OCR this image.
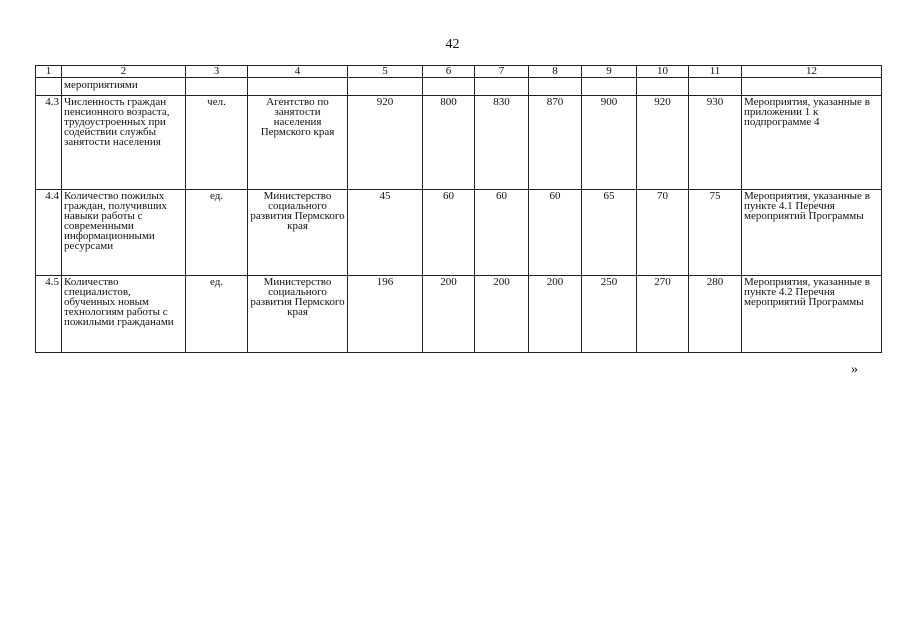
42
1	2	3	4	5	6	7	8	9	10	11	12
	мероприятиями										
4.3	Численность граждан пенсионного возраста, трудоустроенных при содействии службы занятости населения	чел.	Агентство по занятости населения Пермского края	920	800	830	870	900	920	930	Мероприятия, указанные в приложении 1 к подпрограмме 4
4.4	Количество пожилых граждан, получивших навыки работы с современными информационными ресурсами	ед.	Министерство социального развития Пермского края	45	60	60	60	65	70	75	Мероприятия, указанные в пункте 4.1 Перечня мероприятий Программы
4.5	Количество специалистов, обученных новым технологиям работы с пожилыми гражданами	ед.	Министерство социального развития Пермского края	196	200	200	200	250	270	280	Мероприятия, указанные в пункте 4.2 Перечня мероприятий Программы
»
